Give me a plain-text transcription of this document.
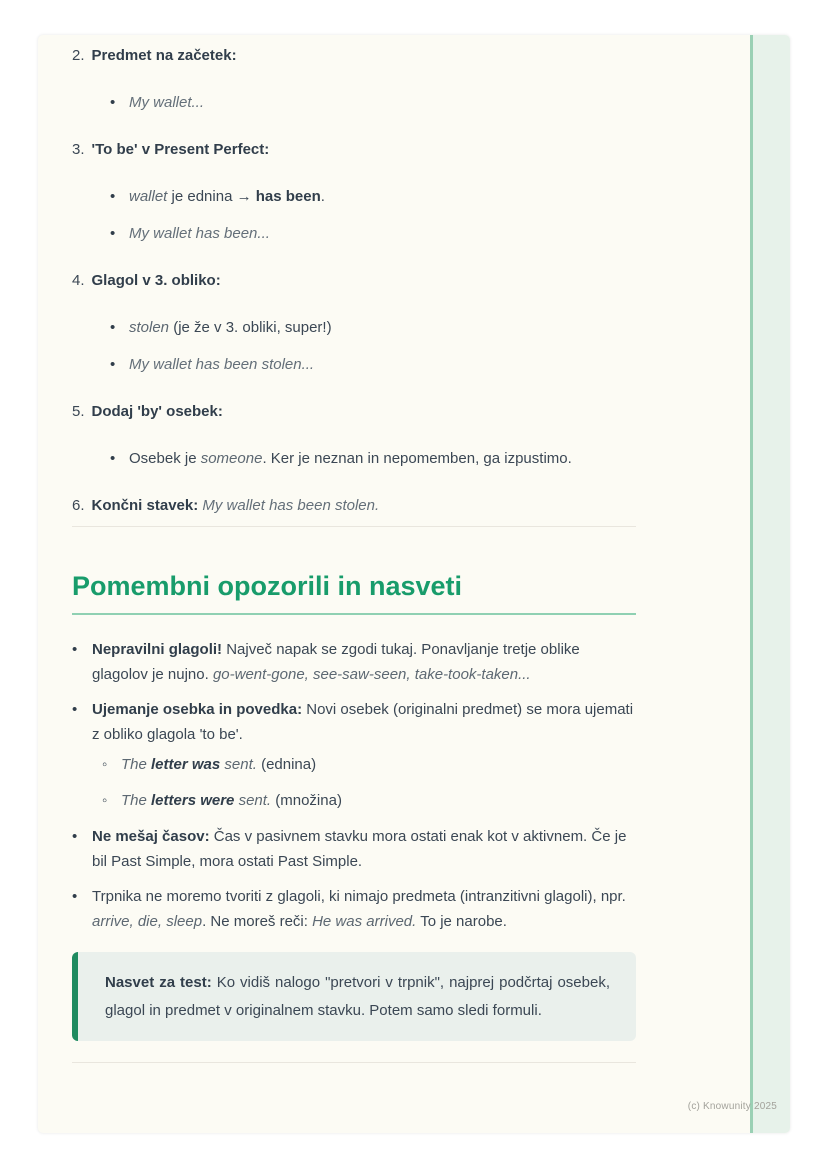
2. Predmet na začetek:
• My wallet...
3. 'To be' v Present Perfect:
• wallet je ednina → has been.
• My wallet has been...
4. Glagol v 3. obliko:
• stolen (je že v 3. obliki, super!)
• My wallet has been stolen...
5. Dodaj 'by' osebek:
• Osebek je someone. Ker je neznan in nepomemben, ga izpustimo.
6. Končni stavek: My wallet has been stolen.
Pomembni opozorili in nasveti
• Nepravilni glagoli! Največ napak se zgodi tukaj. Ponavljanje tretje oblike glagolov je nujno. go-went-gone, see-saw-seen, take-took-taken...
• Ujemanje osebka in povedka: Novi osebek (originalni predmet) se mora ujemati z obliko glagola 'to be'.
◦ The letter was sent. (ednina)
◦ The letters were sent. (množina)
• Ne mešaj časov: Čas v pasivnem stavku mora ostati enak kot v aktivnem. Če je bil Past Simple, mora ostati Past Simple.
• Trpnika ne moremo tvoriti z glagoli, ki nimajo predmeta (intranzitivni glagoli), npr. arrive, die, sleep. Ne moreš reči: He was arrived. To je narobe.
Nasvet za test: Ko vidiš nalogo "pretvori v trpnik", najprej podčrtaj osebek, glagol in predmet v originalnem stavku. Potem samo sledi formuli.
(c) Knowunity 2025
